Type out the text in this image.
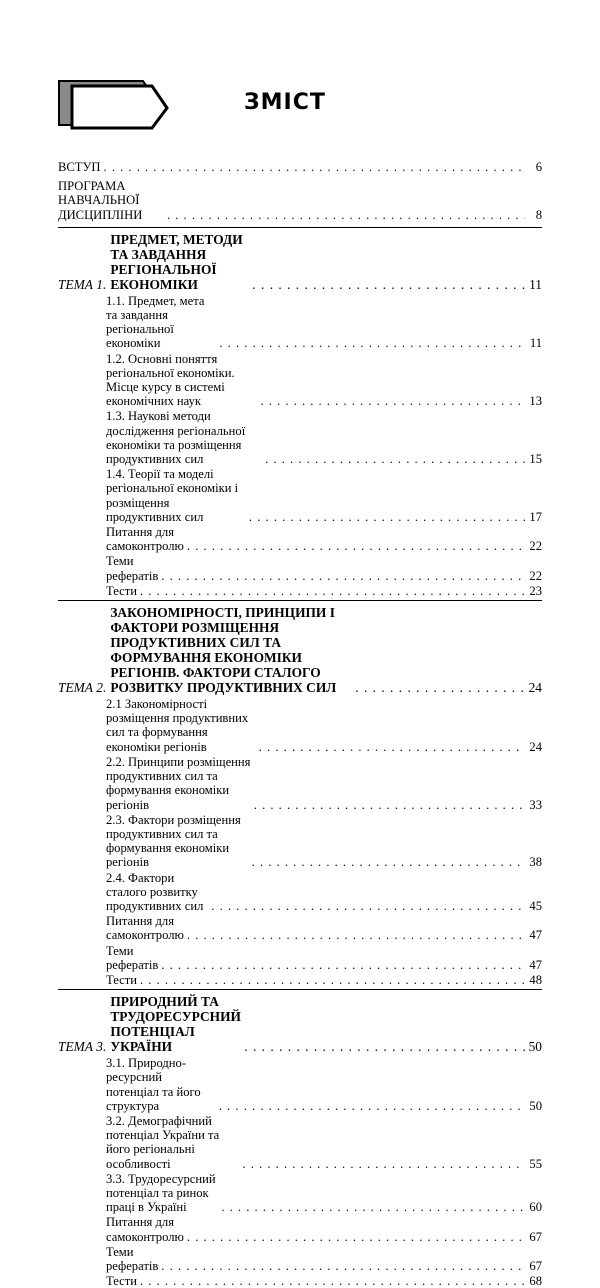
ЗМІСТ
ВСТУП . . .	6
ПРОГРАМА НАВЧАЛЬНОЇ ДИСЦИПЛІНИ . . .	8
ТЕМА 1.
ПРЕДМЕТ, МЕТОДИ ТА ЗАВДАННЯ РЕГІОНАЛЬНОЇ ЕКОНОМІКИ . . .	11
1.1. Предмет, мета та завдання регіональної економіки . . .	11
1.2. Основні поняття регіональної економіки. Місце курсу в системі економічних наук . . .	13
1.3. Наукові методи дослідження регіональної економіки та розміщення продуктивних сил . . .	15
1.4. Теорії та моделі регіональної економіки і розміщення продуктивних сил . . .	17
Питання для самоконтролю . . .	22
Теми рефератів . . .	22
Тести . . .	23
ТЕМА 2.
ЗАКОНОМІРНОСТІ, ПРИНЦИПИ І ФАКТОРИ РОЗМІЩЕННЯ ПРОДУКТИВНИХ СИЛ ТА ФОРМУВАННЯ ЕКОНОМІКИ РЕГІОНІВ. ФАКТОРИ СТАЛОГО РОЗВИТКУ ПРОДУКТИВНИХ СИЛ . . .	24
2.1 Закономірності розміщення продуктивних сил та формування економіки регіонів . . .	24
2.2. Принципи розміщення продуктивних сил та формування економіки регіонів . . .	33
2.3. Фактори розміщення продуктивних сил та формування економіки регіонів . . .	38
2.4. Фактори сталого розвитку продуктивних сил . . .	45
Питання для самоконтролю . . .	47
Теми рефератів . . .	47
Тести . . .	48
ТЕМА 3.
ПРИРОДНИЙ ТА ТРУДОРЕСУРСНИЙ ПОТЕНЦІАЛ УКРАЇНИ . . .	50
3.1. Природно-ресурсний потенціал та його структура . . .	50
3.2. Демографічний потенціал України та його регіональні особливості . . .	55
3.3. Трудоресурсний потенціал та ринок праці в Україні . . .	60
Питання для самоконтролю . . .	67
Теми рефератів . . .	67
Тести . . .	68
